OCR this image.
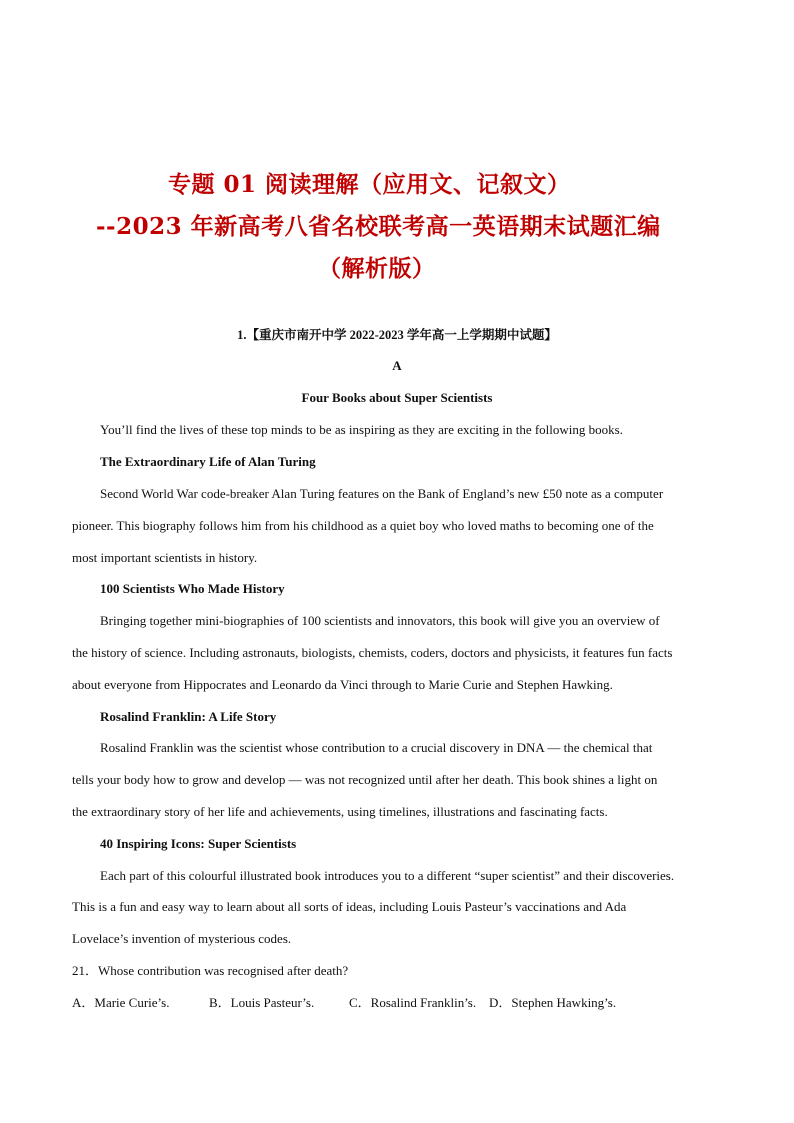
专题 01 阅读理解（应用文、记叙文）
--2023 年新高考八省名校联考高一英语期末试题汇编
（解析版）
1.【重庆市南开中学 2022-2023 学年高一上学期期中试题】
A
Four Books about Super Scientists
You’ll find the lives of these top minds to be as inspiring as they are exciting in the following books.
The Extraordinary Life of Alan Turing
Second World War code-breaker Alan Turing features on the Bank of England’s new £50 note as a computer
pioneer. This biography follows him from his childhood as a quiet boy who loved maths to becoming one of the
most important scientists in history.
100 Scientists Who Made History
Bringing together mini-biographies of 100 scientists and innovators, this book will give you an overview of
the history of science. Including astronauts, biologists, chemists, coders, doctors and physicists, it features fun facts
about everyone from Hippocrates and Leonardo da Vinci through to Marie Curie and Stephen Hawking.
Rosalind Franklin: A Life Story
Rosalind Franklin was the scientist whose contribution to a crucial discovery in DNA — the chemical that
tells your body how to grow and develop — was not recognized until after her death. This book shines a light on
the extraordinary story of her life and achievements, using timelines, illustrations and fascinating facts.
40 Inspiring Icons: Super Scientists
Each part of this colourful illustrated book introduces you to a different “super scientist” and their discoveries.
This is a fun and easy way to learn about all sorts of ideas, including Louis Pasteur’s vaccinations and Ada
Lovelace’s invention of mysterious codes.
21．Whose contribution was recognised after death?
A．Marie Curie’s.	B．Louis Pasteur’s.	C．Rosalind Franklin’s. D．Stephen Hawking’s.
